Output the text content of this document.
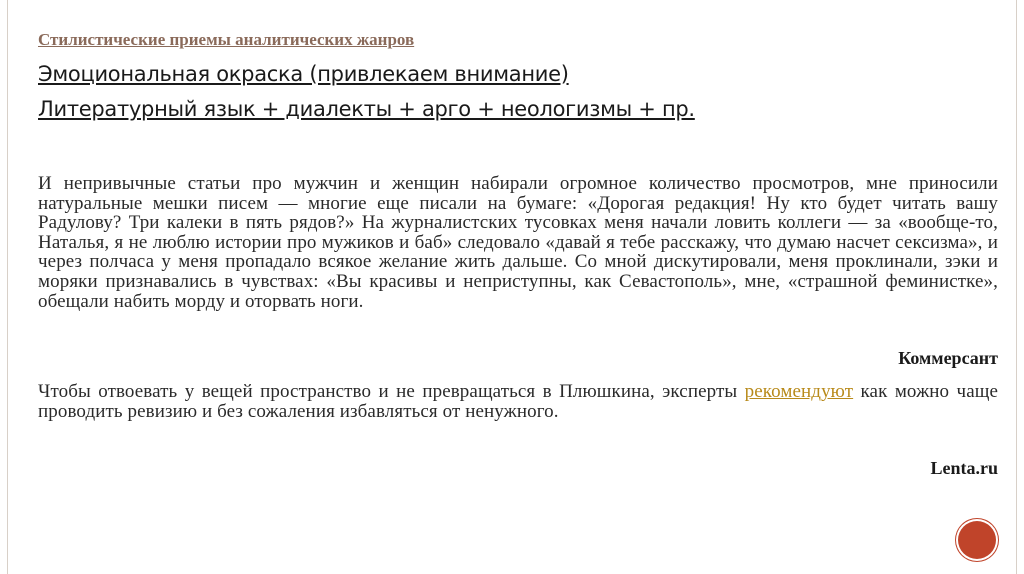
Стилистические приемы аналитических жанров
Эмоциональная окраска (привлекаем внимание)
Литературный язык + диалекты + арго + неологизмы + пр.
И непривычные статьи про мужчин и женщин набирали огромное количество просмотров, мне приносили натуральные мешки писем — многие еще писали на бумаге: «Дорогая редакция! Ну кто будет читать вашу Радулову? Три калеки в пять рядов?» На журналистских тусовках меня начали ловить коллеги — за «вообще-то, Наталья, я не люблю истории про мужиков и баб» следовало «давай я тебе расскажу, что думаю насчет сексизма», и через полчаса у меня пропадало всякое желание жить дальше. Со мной дискутировали, меня проклинали, зэки и моряки признавались в чувствах: «Вы красивы и неприступны, как Севастополь», мне, «страшной феминистке», обещали набить морду и оторвать ноги.
Коммерсант
Чтобы отвоевать у вещей пространство и не превращаться в Плюшкина, эксперты рекомендуют как можно чаще проводить ревизию и без сожаления избавляться от ненужного.
Lenta.ru
